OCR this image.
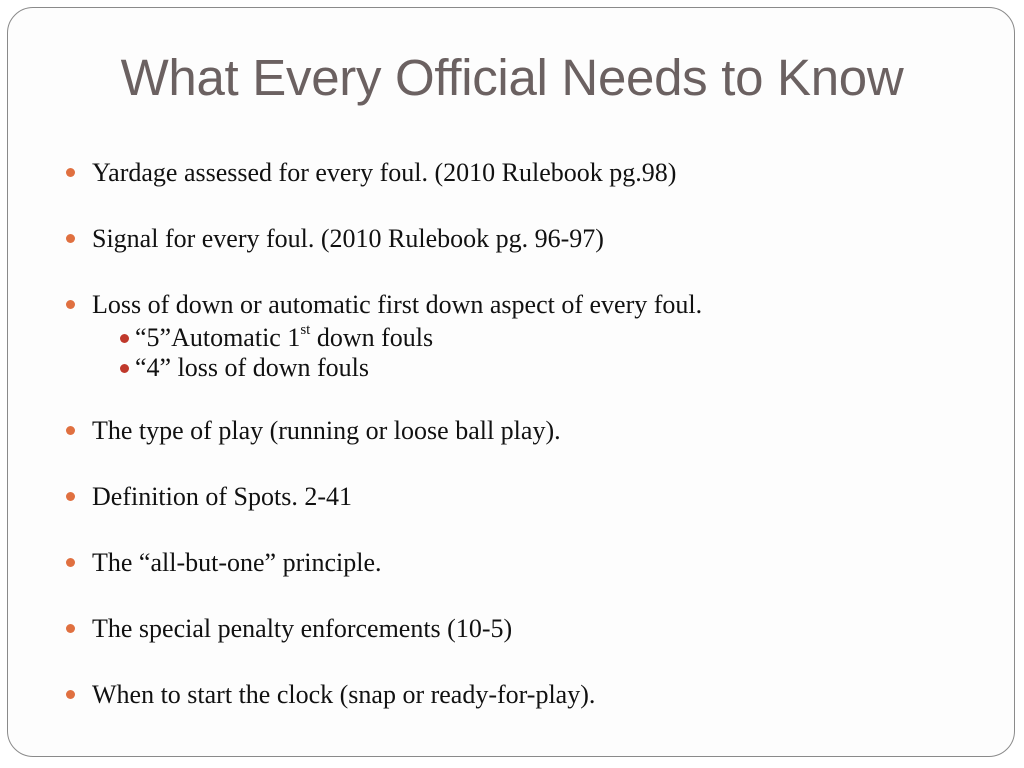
What Every Official Needs to Know
Yardage assessed for every foul. (2010 Rulebook pg.98)
Signal for every foul. (2010 Rulebook pg. 96-97)
Loss of down or automatic first down aspect of every foul.
“5”Automatic 1st down fouls
“4” loss of down fouls
The type of play (running or loose ball play).
Definition of Spots. 2-41
The “all-but-one” principle.
The special penalty enforcements (10-5)
When to start the clock (snap or ready-for-play).
